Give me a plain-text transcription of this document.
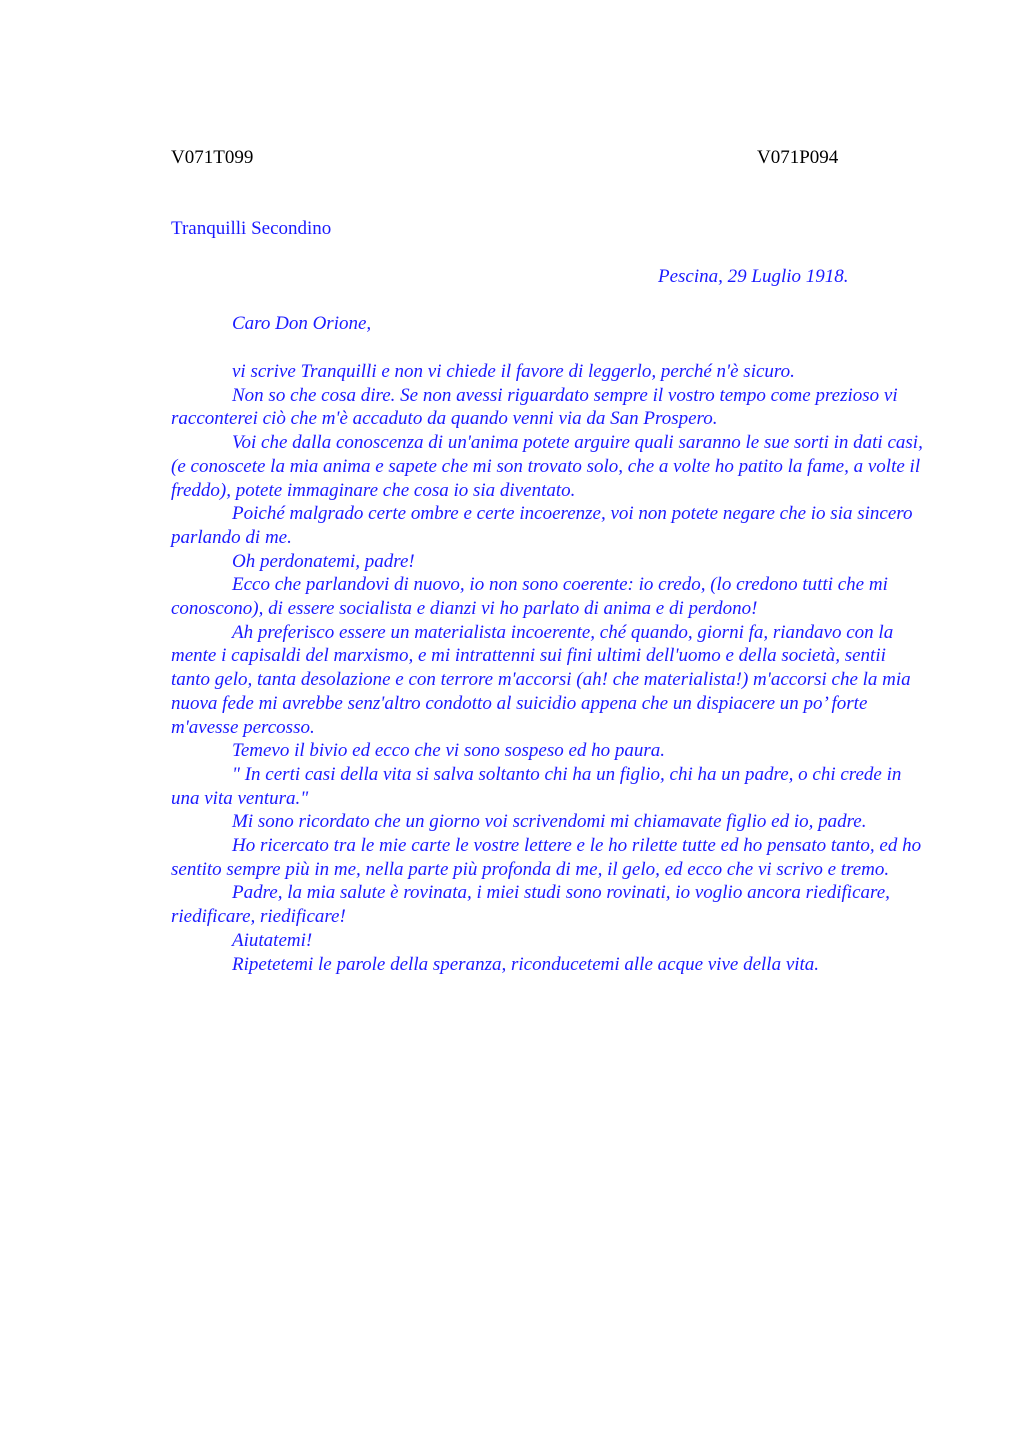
V071T099	V071P094
Tranquilli Secondino
Pescina, 29 Luglio 1918.
Caro Don Orione,

vi scrive Tranquilli e non vi chiede il favore di leggerlo, perché n'è sicuro.

Non so che cosa dire. Se non avessi riguardato sempre il vostro tempo come prezioso vi racconterei ciò che m'è accaduto da quando venni via da San Prospero.

Voi che dalla conoscenza di un'anima potete arguire quali saranno le sue sorti in dati casi, (e conoscete la mia anima e sapete che mi son trovato solo, che a volte ho patito la fame, a volte il freddo), potete immaginare che cosa io sia diventato.

Poiché malgrado certe ombre e certe incoerenze, voi non potete negare che io sia sincero parlando di me.

Oh perdonatemi, padre!

Ecco che parlandovi di nuovo, io non sono coerente: io credo, (lo credono tutti che mi conoscono), di essere socialista e dianzi vi ho parlato di anima e di perdono!

Ah preferisco essere un materialista incoerente, ché quando, giorni fa, riandavo con la mente i capisaldi del marxismo, e mi intrattenni sui fini ultimi dell'uomo e della società, sentii tanto gelo, tanta desolazione e con terrore m'accorsi (ah! che materialista!) m'accorsi che la mia nuova fede mi avrebbe senz'altro condotto al suicidio appena che un dispiacere un po’ forte m'avesse percosso.

Temevo il bivio ed ecco che vi sono sospeso ed ho paura.

" In certi casi della vita si salva soltanto chi ha un figlio, chi ha un padre, o chi crede in una vita ventura."

Mi sono ricordato che un giorno voi scrivendomi mi chiamavate figlio ed io, padre.

Ho ricercato tra le mie carte le vostre lettere e le ho rilette tutte ed ho pensato tanto, ed ho sentito sempre più in me, nella parte più profonda di me, il gelo, ed ecco che vi scrivo e tremo.

Padre, la mia salute è rovinata, i miei studi sono rovinati, io voglio ancora riedificare, riedificare, riedificare!

Aiutatemi!

Ripetetemi le parole della speranza, riconducetemi alle acque vive della vita.
